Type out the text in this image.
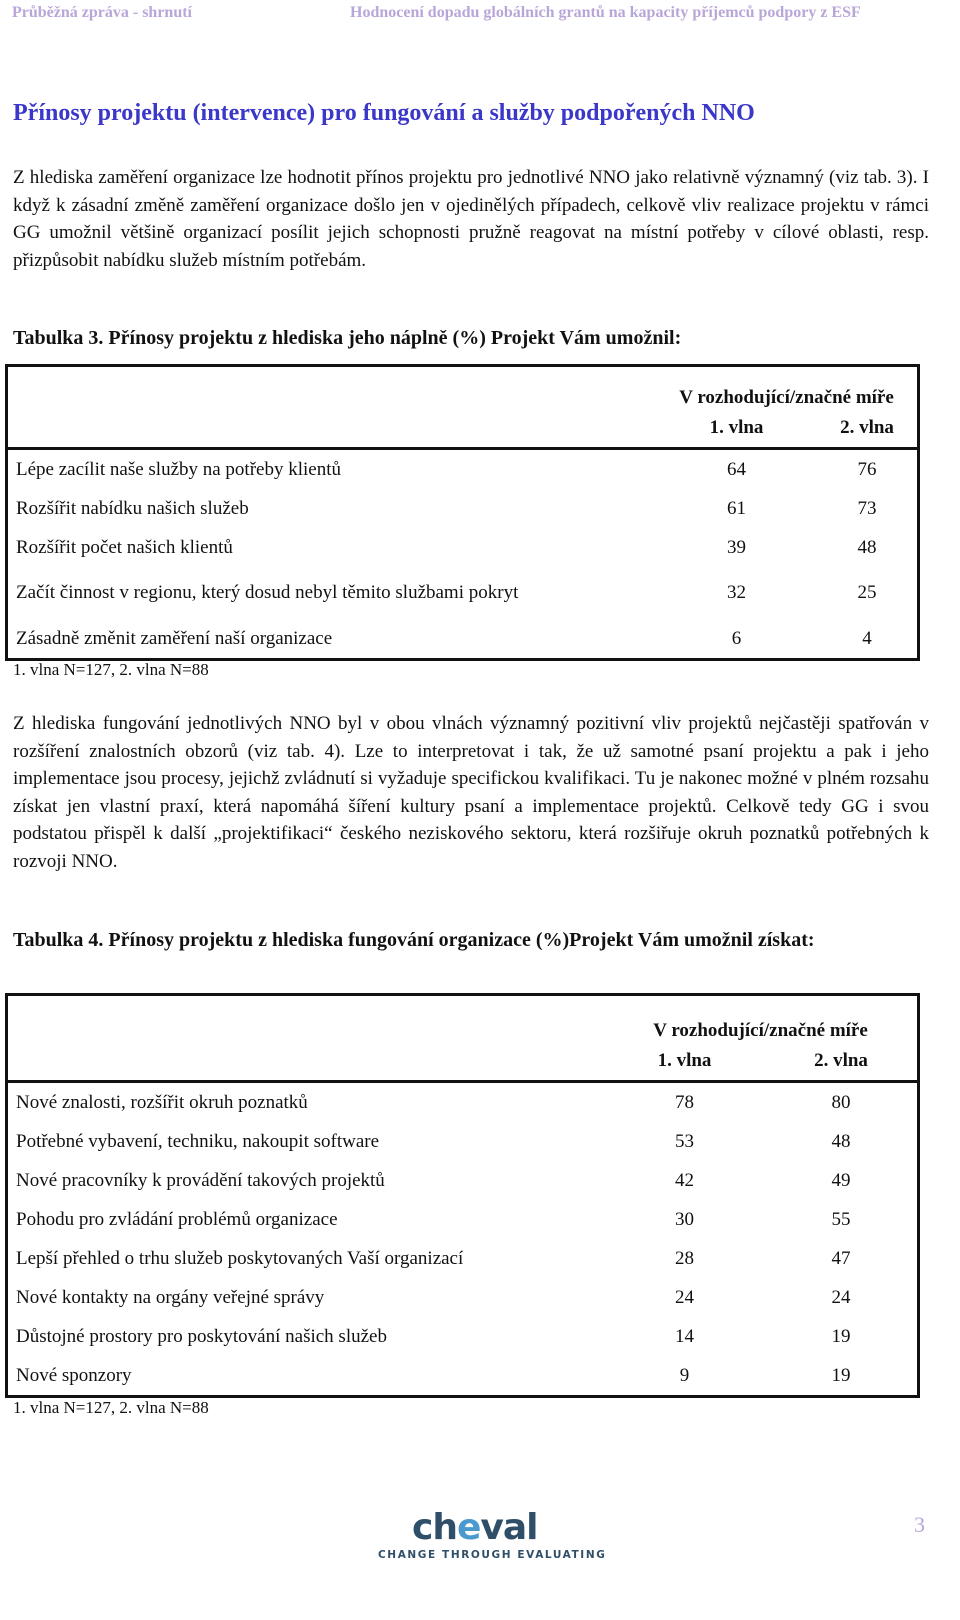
Průběžná zpráva - shrnutí	Hodnocení dopadu globálních grantů na kapacity příjemců podpory z ESF
Přínosy projektu (intervence) pro fungování a služby podpořených NNO

Z hlediska zaměření organizace lze hodnotit přínos projektu pro jednotlivé NNO jako relativně významný (viz tab. 3). I když k zásadní změně zaměření organizace došlo jen v ojedinělých případech, celkově vliv realizace projektu v rámci GG umožnil většině organizací posílit jejich schopnosti pružně reagovat na místní potřeby v cílové oblasti, resp. přizpůsobit nabídku služeb místním potřebám.

Tabulka 3. Přínosy projektu z hlediska jeho náplně (%) Projekt Vám umožnil:

	V rozhodující/značné míře	
	1. vlna	2. vlna
Lépe zacílit naše služby na potřeby klientů	64	76
Rozšířit nabídku našich služeb	61	73
Rozšířit počet našich klientů	39	48
Začít činnost v regionu, který dosud nebyl těmito službami pokryt	32	25
Zásadně změnit zaměření naší organizace	6	4
1. vlna N=127, 2. vlna N=88

Z hlediska fungování jednotlivých NNO byl v obou vlnách významný pozitivní vliv projektů nejčastěji spatřován v rozšíření znalostních obzorů (viz tab. 4). Lze to interpretovat i tak, že už samotné psaní projektu a pak i jeho implementace jsou procesy, jejichž zvládnutí si vyžaduje specifickou kvalifikaci. Tu je nakonec možné v plném rozsahu získat jen vlastní praxí, která napomáhá šíření kultury psaní a implementace projektů. Celkově tedy GG i svou podstatou přispěl k další „projektifikaci“ českého neziskového sektoru, která rozšiřuje okruh poznatků potřebných k rozvoji NNO.

Tabulka 4. Přínosy projektu z hlediska fungování organizace (%)Projekt Vám umožnil získat:

	V rozhodující/značné míře	
	1. vlna	2. vlna
Nové znalosti, rozšířit okruh poznatků	78	80
Potřebné vybavení, techniku, nakoupit software	53	48
Nové pracovníky k provádění takových projektů	42	49
Pohodu pro zvládání problémů organizace	30	55
Lepší přehled o trhu služeb poskytovaných Vaší organizací	28	47
Nové kontakty na orgány veřejné správy	24	24
Důstojné prostory pro poskytování našich služeb	14	19
Nové sponzory	9	19
1. vlna N=127, 2. vlna N=88
cheval
CHANGE THROUGH EVALUATING
3
